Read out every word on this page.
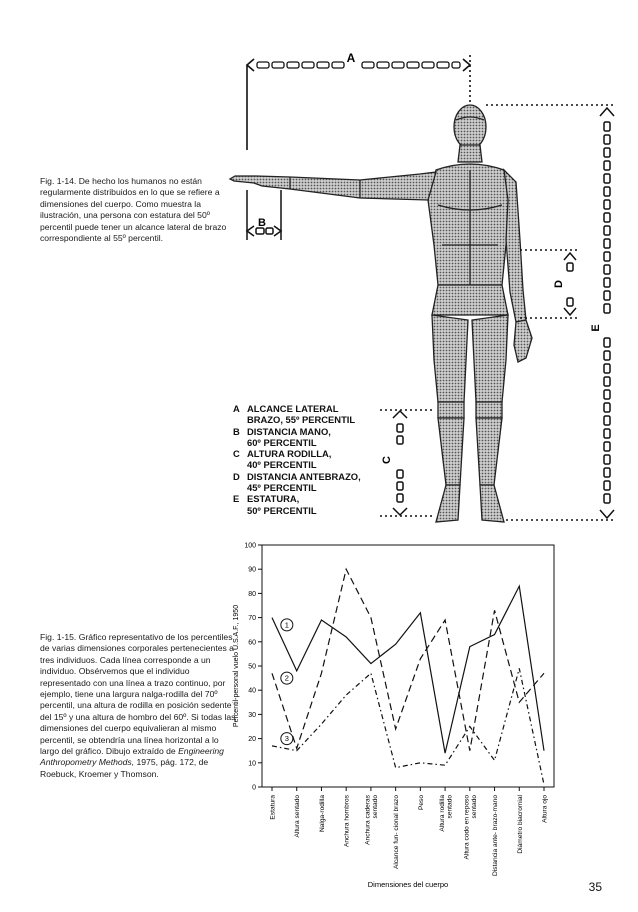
Fig. 1-14. De hecho los humanos no están regularmente distribuidos en lo que se refiere a dimensiones del cuerpo. Como muestra la ilustración, una persona con estatura del 50º percentil puede tener un alcance lateral de brazo correspondiente al 55º percentil.

A
B
C
D
E
A ALCANCE LATERAL
BRAZO, 55º PERCENTIL
B DISTANCIA MANO,
60º PERCENTIL
C ALTURA RODILLA,
40º PERCENTIL
D DISTANCIA ANTEBRAZO,
45º PERCENTIL
E ESTATURA,
50º PERCENTIL

Fig. 1-15. Gráfico representativo de los percentiles de varias dimensiones corporales pertenecientes a tres individuos. Cada línea corresponde a un individuo. Obsérvemos que el individuo representado con una línea a trazo continuo, por ejemplo, tiene una largura nalga-rodilla del 70º percentil, una altura de rodilla en posición sedente del 15º y una altura de hombro del 60º. Si todas las dimensiones del cuerpo equivalieran al mismo percentil, se obtendría una línea horizontal a lo largo del gráfico. Dibujo extraído de Engineering Anthropometry Methods, 1975, pág. 172, de Roebuck, Kroemer y Thomson.

0
10
20
30
40
50
60
70
80
90
100
Estatura	Altura sentado	Nalga-rodilla	Anchura hombros Anchura caderas sentado Alcance fun- cional brazo	Peso Altura rodilla sentado Altura codo en reposo sentado Distancia ante- brazo-mano	Diámetro biacromial	Altura ojo
1
2
3
Percentil-personal vuelo U.S.A.F., 1950
Dimensiones del cuerpo	35
